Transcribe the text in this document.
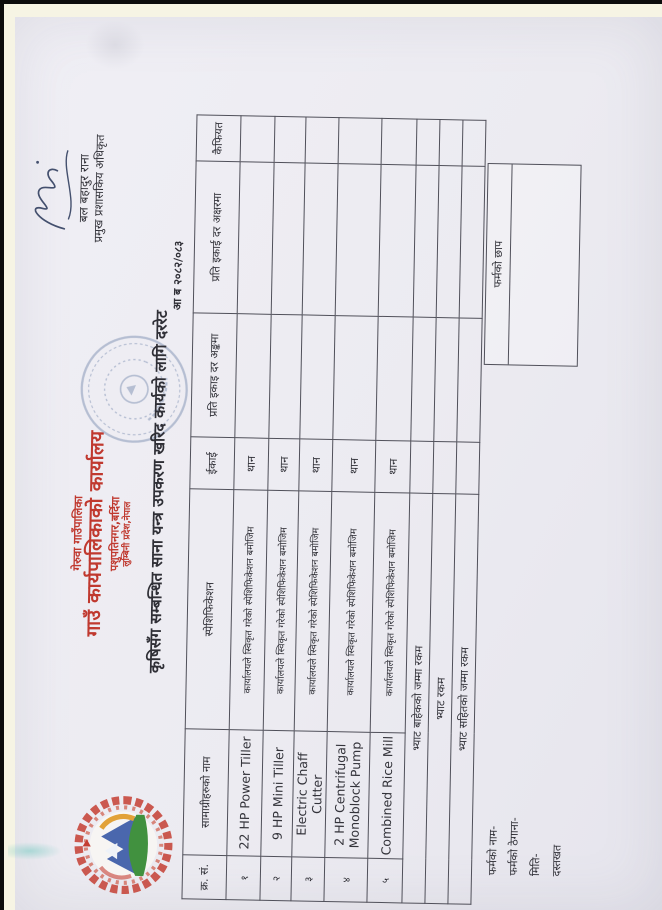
गेरुवा गाउँपालिका
गाउँ कार्यपालिकाको कार्यालय पशुपतिनगर,बर्दिया लुम्बिनी प्रदेश,नेपाल
बल बहादुर राना प्रमुख प्रशासकिय अधिकृत
कृषिसँग सम्बन्धित साना यन्त्र उपकरण खरिद कार्यको लागि दररेट
आ ब २०८२/०८३
क्र. सं.	सामाग्रीहरुको नाम	स्पेशिफिकेशन	ईकाई	प्रति इकाइ दर अङ्कमा	प्रति इकाई दर अक्षरमा	कैफियत
१	22 HP Power Tiller	कार्यालयले स्विकृत गरेको स्पेशिफिकेशन बमोजिम	थान			
२	9 HP Mini Tiller	कार्यालयले स्विकृत गरेको स्पेशिफिकेशन बमोजिम	थान			
३	Electric Chaff Cutter	कार्यालयले स्विकृत गरेको स्पेशिफिकेशन बमोजिम	थान			
४	2 HP Centrifugal Monoblock Pump	कार्यालयले स्विकृत गरेको स्पेशिफिकेशन बमोजिम	थान			
५	Combined Rice Mill	कार्यालयले स्विकृत गरेको स्पेशिफिकेशन बमोजिम	थान			
भ्याट बाहेकको जम्मा रकम						
भ्याट रकम						
भ्याट सहितको जम्मा रकम						
फर्मको नाम- फर्मको ठेगाना- मिति- दस्तखत
फर्मको छाप
